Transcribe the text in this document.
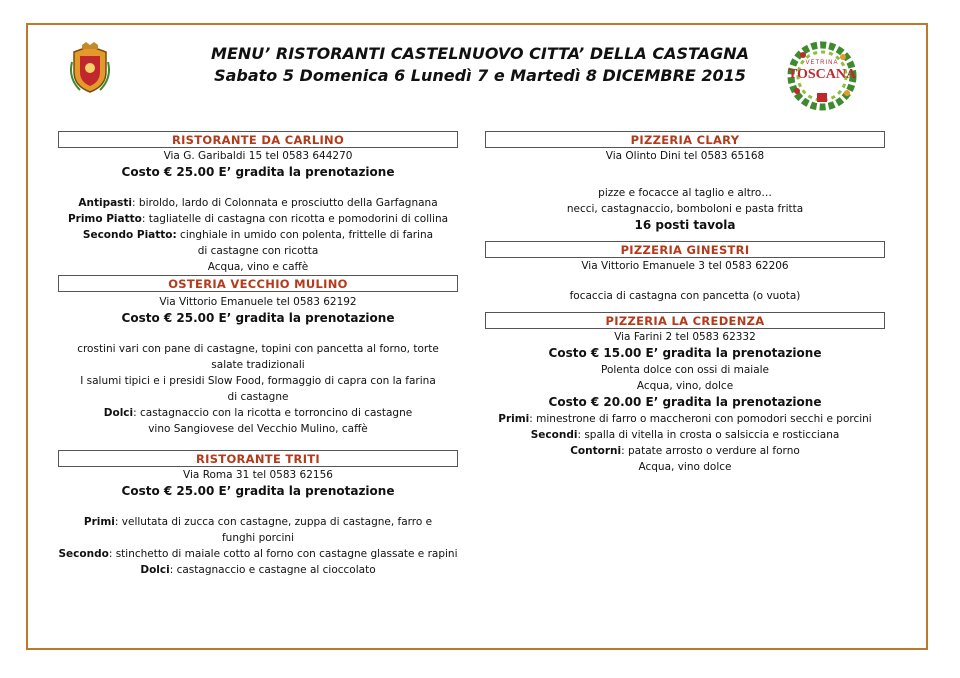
MENU’ RISTORANTI CASTELNUOVO CITTA’ DELLA CASTAGNA
Sabato 5 Domenica 6 Lunedì 7 e Martedì 8 DICEMBRE 2015
VETRINA
TOSCANA
RISTORANTE DA CARLINO
Via G. Garibaldi 15 tel 0583 644270
Costo € 25.00 E’ gradita la prenotazione
Antipasti: biroldo, lardo di Colonnata e prosciutto della Garfagnana
Primo Piatto: tagliatelle di castagna con ricotta e pomodorini di collina
Secondo Piatto: cinghiale in umido con polenta, frittelle di farina di castagne con ricotta
Acqua, vino e caffè
OSTERIA VECCHIO MULINO
Via Vittorio Emanuele tel 0583 62192
Costo € 25.00 E’ gradita la prenotazione
crostini vari con pane di castagne, topini con pancetta al forno, torte salate tradizionali
I salumi tipici e i presidi Slow Food, formaggio di capra con la farina di castagne
Dolci: castagnaccio con la ricotta e torroncino di castagne
vino Sangiovese del Vecchio Mulino, caffè
RISTORANTE TRITI
Via Roma 31 tel 0583 62156
Costo € 25.00 E’ gradita la prenotazione
Primi: vellutata di zucca con castagne, zuppa di castagne, farro e funghi porcini
Secondo: stinchetto di maiale cotto al forno con castagne glassate e rapini
Dolci: castagnaccio e castagne al cioccolato
PIZZERIA CLARY
Via Olinto Dini tel 0583 65168
pizze e focacce al taglio e altro…
necci, castagnaccio, bomboloni e pasta fritta
16 posti tavola
PIZZERIA GINESTRI
Via Vittorio Emanuele 3 tel 0583 62206
focaccia di castagna con pancetta (o vuota)
PIZZERIA LA CREDENZA
Via Farini 2 tel 0583 62332
Costo € 15.00 E’ gradita la prenotazione
Polenta dolce con ossi di maiale
Acqua, vino, dolce
Costo € 20.00 E’ gradita la prenotazione
Primi: minestrone di farro o maccheroni con pomodori secchi e porcini
Secondi: spalla di vitella in crosta o salsiccia e rosticciana
Contorni: patate arrosto o verdure al forno
Acqua, vino dolce
